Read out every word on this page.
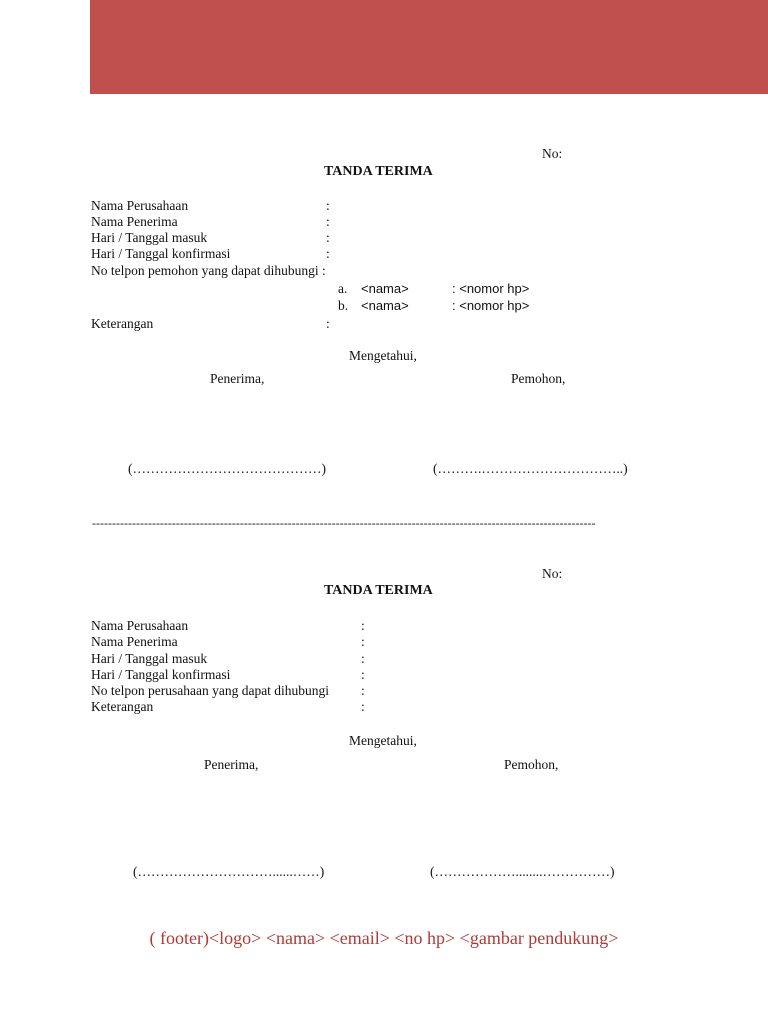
No:
TANDA TERIMA
Nama Perusahaan	:
Nama Penerima	:
Hari / Tanggal masuk	:
Hari / Tanggal konfirmasi	:
No telpon pemohon yang dapat dihubungi :
a. <nama>	: <nomor hp>
b. <nama>	: <nomor hp>
Keterangan	:
Mengetahui,
Penerima,	Pemohon,
(……………………………………)	(……….…………………………..)
------------------------------------------------------------------------------------------------------------------------------
No:
TANDA TERIMA
Nama Perusahaan	:
Nama Penerima	:
Hari / Tanggal masuk	:
Hari / Tanggal konfirmasi	:
No telpon perusahaan yang dapat dihubungi :
Keterangan	:
Mengetahui,
Penerima,	Pemohon,
(…………………………......……)	(………………........……………)
( footer)<logo> <nama> <email> <no hp> <gambar pendukung>
